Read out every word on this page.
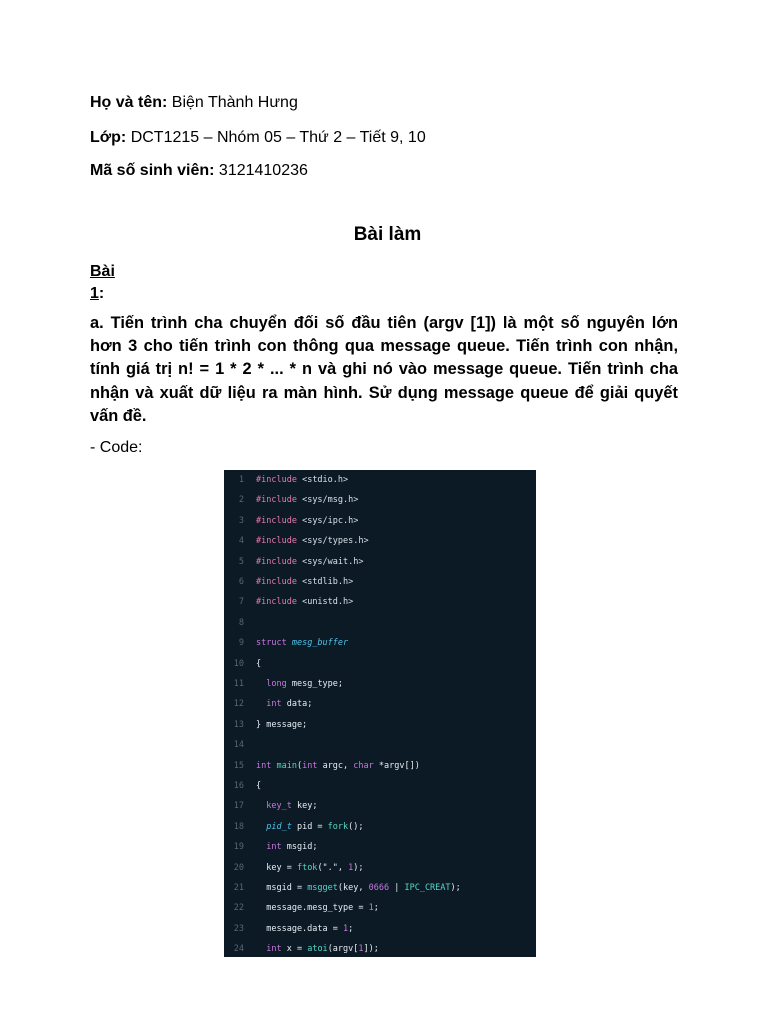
Họ và tên: Biện Thành Hưng
Lớp: DCT1215 – Nhóm 05 – Thứ 2 – Tiết 9, 10
Mã số sinh viên: 3121410236
Bài làm
Bài
1:
a. Tiến trình cha chuyển đối số đầu tiên (argv [1]) là một số nguyên lớn hơn 3 cho tiến trình con thông qua message queue. Tiến trình con nhận, tính giá trị n! = 1 * 2 * ... * n và ghi nó vào message queue. Tiến trình cha nhận và xuất dữ liệu ra màn hình. Sử dụng message queue để giải quyết vấn đề.
- Code:
1 #include <stdio.h>
2 #include <sys/msg.h>
3 #include <sys/ipc.h>
4 #include <sys/types.h>
5 #include <sys/wait.h>
6 #include <stdlib.h>
7 #include <unistd.h>
8
9 struct mesg_buffer
10 {
11	long mesg_type;
12	int data;
13 } message;
14
15 int main(int argc, char *argv[])
16 {
17	key_t key;
18	pid_t pid = fork();
19	int msgid;
20 key = ftok(".", 1);
21 msgid = msgget(key, 0666 | IPC_CREAT);
22 message.mesg_type = 1;
23 message.data = 1;
24	int x = atoi(argv[1]);
